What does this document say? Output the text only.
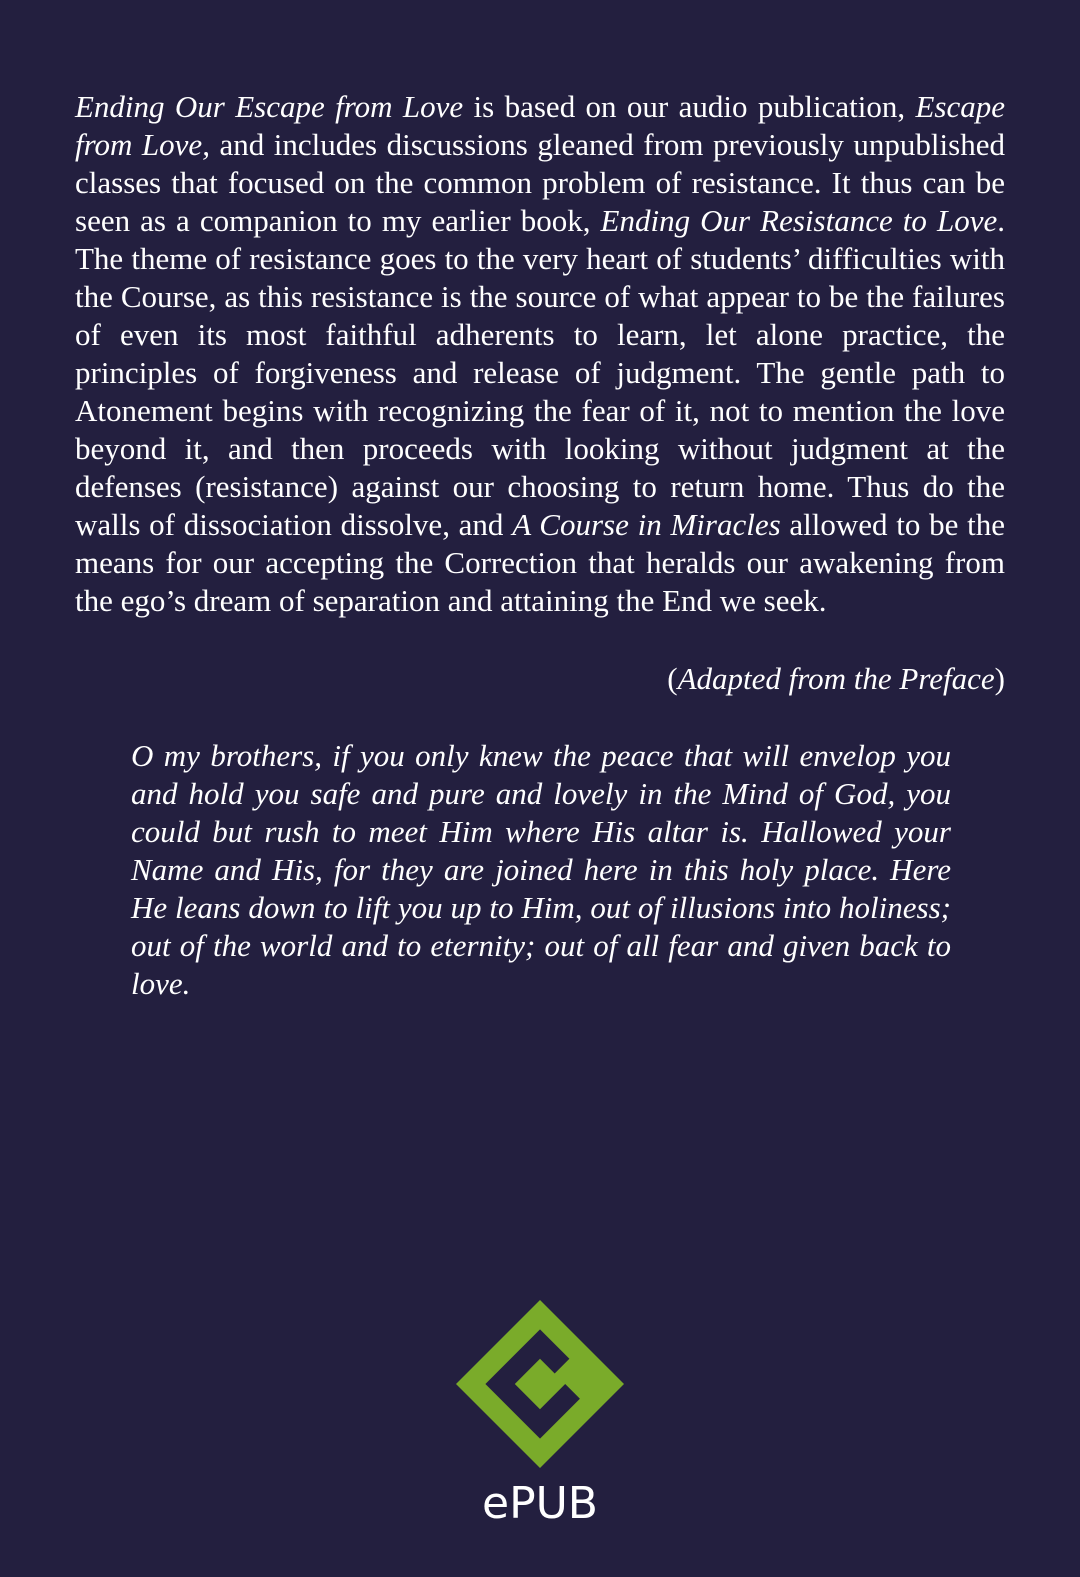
Ending Our Escape from Love is based on our audio publication, Escape from Love, and includes discussions gleaned from previously unpublished classes that focused on the common problem of resistance. It thus can be seen as a companion to my earlier book, Ending Our Resistance to Love. The theme of resistance goes to the very heart of students’ difficulties with the Course, as this resistance is the source of what appear to be the failures of even its most faithful adherents to learn, let alone practice, the principles of forgiveness and release of judgment. The gentle path to Atonement begins with recognizing the fear of it, not to mention the love beyond it, and then proceeds with looking without judgment at the defenses (resistance) against our choosing to return home. Thus do the walls of dissociation dissolve, and A Course in Miracles allowed to be the means for our accepting the Correction that heralds our awakening from the ego’s dream of separation and attaining the End we seek.

(Adapted from the Preface)

O my brothers, if you only knew the peace that will envelop you and hold you safe and pure and lovely in the Mind of God, you could but rush to meet Him where His altar is. Hallowed your Name and His, for they are joined here in this holy place. Here He leans down to lift you up to Him, out of illusions into holiness; out of the world and to eternity; out of all fear and given back to love.

ePUB
